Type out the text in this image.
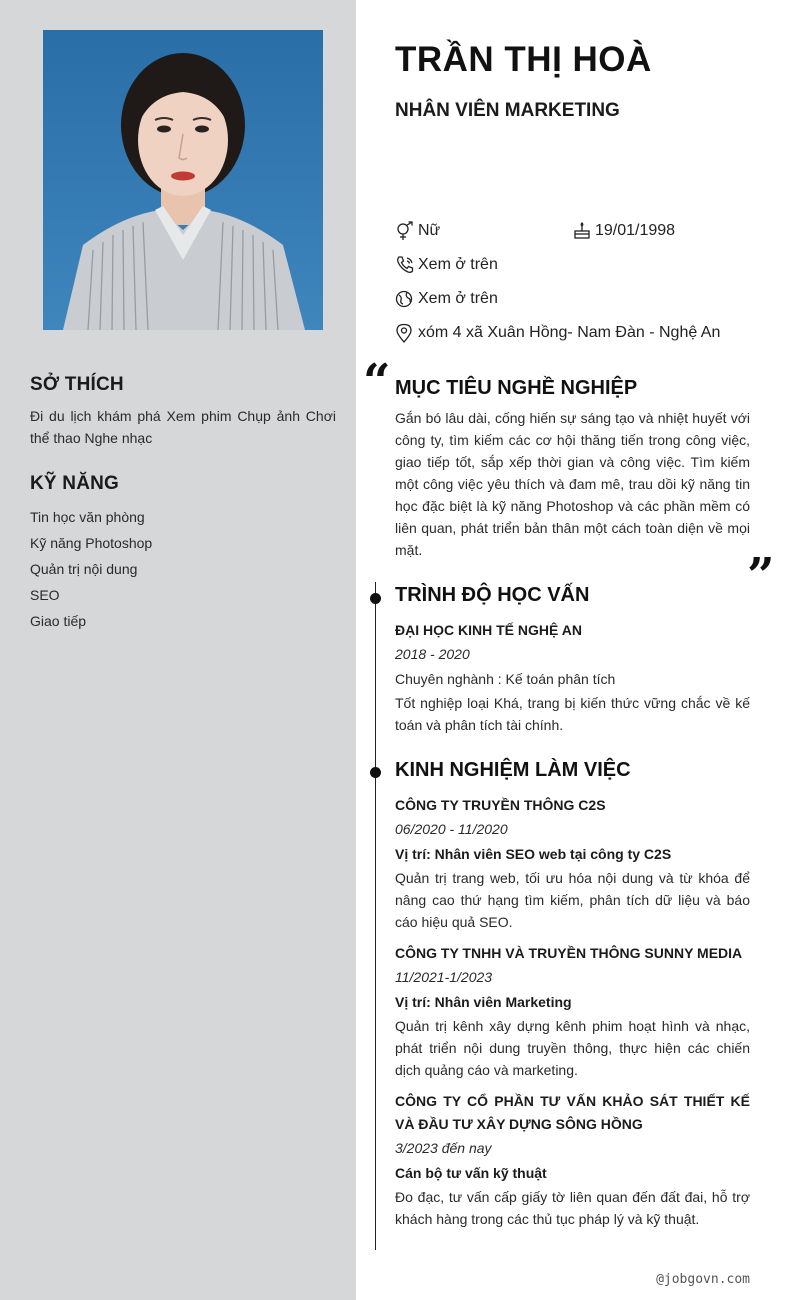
SỞ THÍCH
Đi du lịch khám phá Xem phim Chụp ảnh Chơi thể thao Nghe nhạc
KỸ NĂNG
Tin học văn phòng
Kỹ năng Photoshop
Quản trị nội dung
SEO
Giao tiếp
TRẦN THỊ HOÀ
NHÂN VIÊN MARKETING
Nữ	19/01/1998
Xem ở trên
Xem ở trên
xóm 4 xã Xuân Hồng- Nam Đàn - Nghệ An
“ MỤC TIÊU NGHỀ NGHIỆP
Gắn bó lâu dài, cống hiến sự sáng tạo và nhiệt huyết với công ty, tìm kiếm các cơ hội thăng tiến trong công việc, giao tiếp tốt, sắp xếp thời gian và công việc. Tìm kiếm một công việc yêu thích và đam mê, trau dồi kỹ năng tin học đặc biệt là kỹ năng Photoshop và các phần mềm có liên quan, phát triển bản thân một cách toàn diện về mọi mặt.	”
TRÌNH ĐỘ HỌC VẤN
ĐẠI HỌC KINH TẾ NGHỆ AN
2018 - 2020
Chuyên nghành : Kế toán phân tích
Tốt nghiệp loại Khá, trang bị kiến thức vững chắc về kế toán và phân tích tài chính.
KINH NGHIỆM LÀM VIỆC
CÔNG TY TRUYỀN THÔNG C2S
06/2020 - 11/2020
Vị trí: Nhân viên SEO web tại công ty C2S
Quản trị trang web, tối ưu hóa nội dung và từ khóa để nâng cao thứ hạng tìm kiếm, phân tích dữ liệu và báo cáo hiệu quả SEO.
CÔNG TY TNHH VÀ TRUYỀN THÔNG SUNNY MEDIA
11/2021-1/2023
Vị trí: Nhân viên Marketing
Quản trị kênh xây dựng kênh phim hoạt hình và nhạc, phát triển nội dung truyền thông, thực hiện các chiến dịch quảng cáo và marketing.
CÔNG TY CỔ PHẦN TƯ VẤN KHẢO SÁT THIẾT KẾ VÀ ĐẦU TƯ XÂY DỰNG SÔNG HỒNG
3/2023 đến nay
Cán bộ tư vấn kỹ thuật
Đo đạc, tư vấn cấp giấy tờ liên quan đến đất đai, hỗ trợ khách hàng trong các thủ tục pháp lý và kỹ thuật.
@jobgovn.com
